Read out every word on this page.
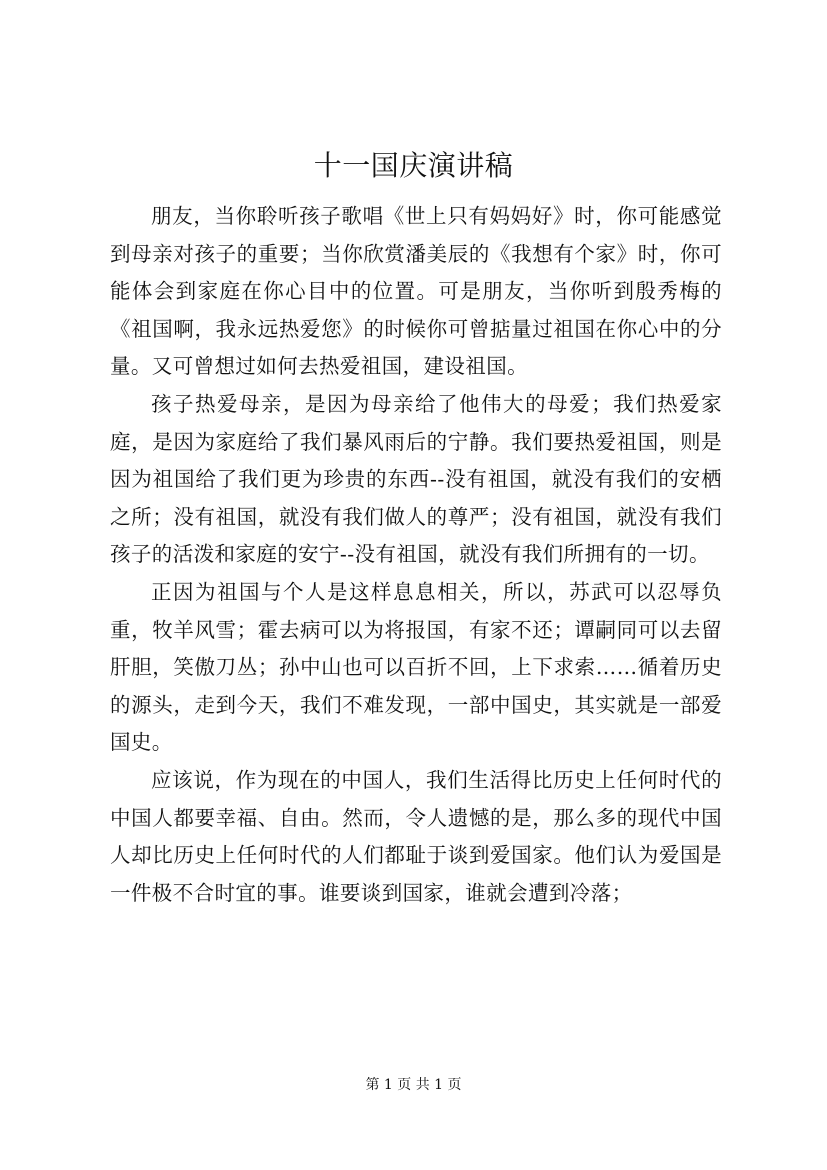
十一国庆演讲稿

朋友，当你聆听孩子歌唱《世上只有妈妈好》时，你可能感觉到母亲对孩子的重要；当你欣赏潘美辰的《我想有个家》时，你可能体会到家庭在你心目中的位置。可是朋友，当你听到殷秀梅的《祖国啊，我永远热爱您》的时候你可曾掂量过祖国在你心中的分量。又可曾想过如何去热爱祖国，建设祖国。

孩子热爱母亲，是因为母亲给了他伟大的母爱；我们热爱家庭，是因为家庭给了我们暴风雨后的宁静。我们要热爱祖国，则是因为祖国给了我们更为珍贵的东西--没有祖国，就没有我们的安栖之所；没有祖国，就没有我们做人的尊严；没有祖国，就没有我们孩子的活泼和家庭的安宁--没有祖国，就没有我们所拥有的一切。

正因为祖国与个人是这样息息相关，所以，苏武可以忍辱负重，牧羊风雪；霍去病可以为将报国，有家不还；谭嗣同可以去留肝胆，笑傲刀丛；孙中山也可以百折不回，上下求索……循着历史的源头，走到今天，我们不难发现，一部中国史，其实就是一部爱国史。

应该说，作为现在的中国人，我们生活得比历史上任何时代的中国人都要幸福、自由。然而，令人遗憾的是，那么多的现代中国人却比历史上任何时代的人们都耻于谈到爱国家。他们认为爱国是一件极不合时宜的事。谁要谈到国家，谁就会遭到冷落；

第 1 页 共 1 页
